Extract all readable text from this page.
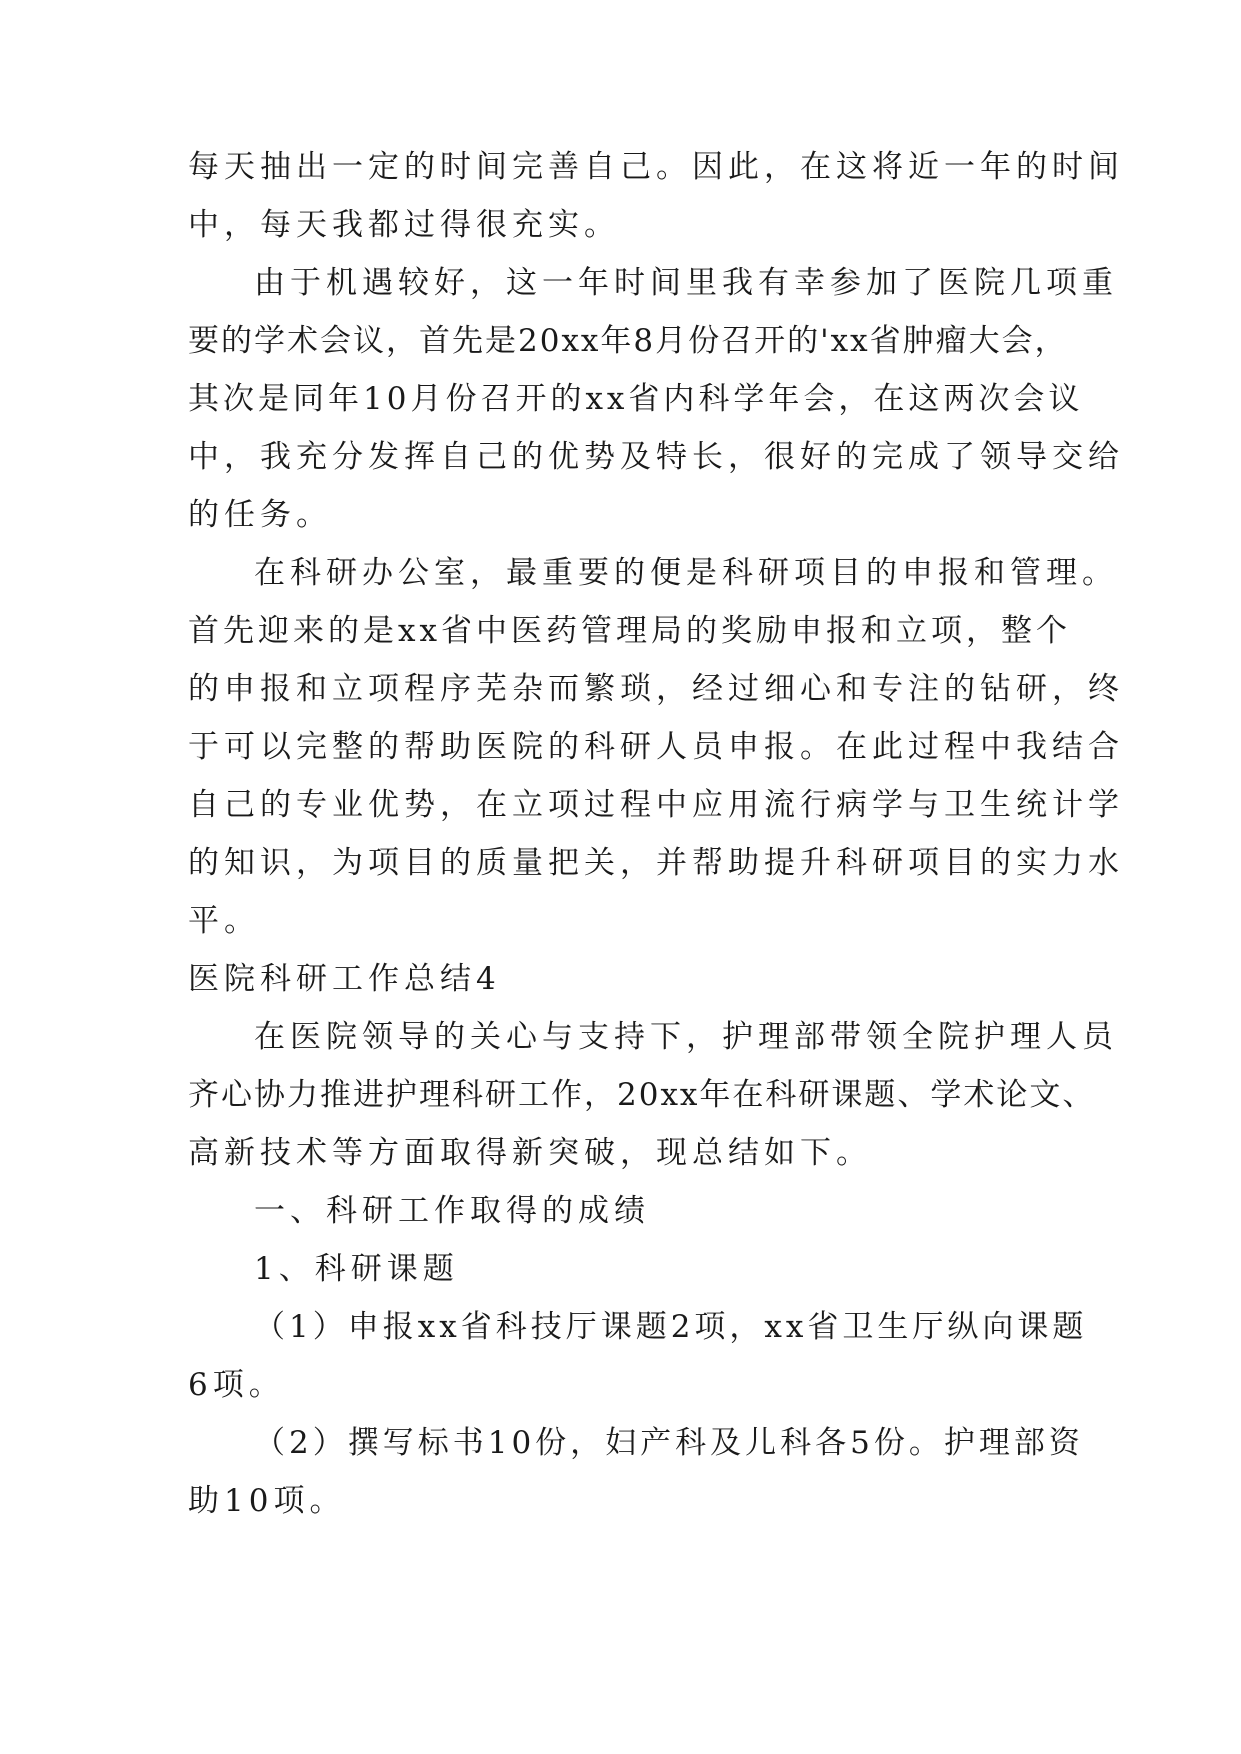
每天抽出一定的时间完善自己。因此，在这将近一年的时间
中，每天我都过得很充实。
由于机遇较好，这一年时间里我有幸参加了医院几项重
要的学术会议，首先是20xx年8月份召开的'xx省肿瘤大会，
其次是同年10月份召开的xx省内科学年会，在这两次会议
中，我充分发挥自己的优势及特长，很好的完成了领导交给
的任务。
在科研办公室，最重要的便是科研项目的申报和管理。
首先迎来的是xx省中医药管理局的奖励申报和立项，整个
的申报和立项程序芜杂而繁琐，经过细心和专注的钻研，终
于可以完整的帮助医院的科研人员申报。在此过程中我结合
自己的专业优势，在立项过程中应用流行病学与卫生统计学
的知识，为项目的质量把关，并帮助提升科研项目的实力水
平。
医院科研工作总结4
在医院领导的关心与支持下，护理部带领全院护理人员
齐心协力推进护理科研工作，20xx年在科研课题、学术论文、
高新技术等方面取得新突破，现总结如下。
一、科研工作取得的成绩
1、科研课题
（1）申报xx省科技厅课题2项，xx省卫生厅纵向课题
6项。
（2）撰写标书10份，妇产科及儿科各5份。护理部资
助10项。
